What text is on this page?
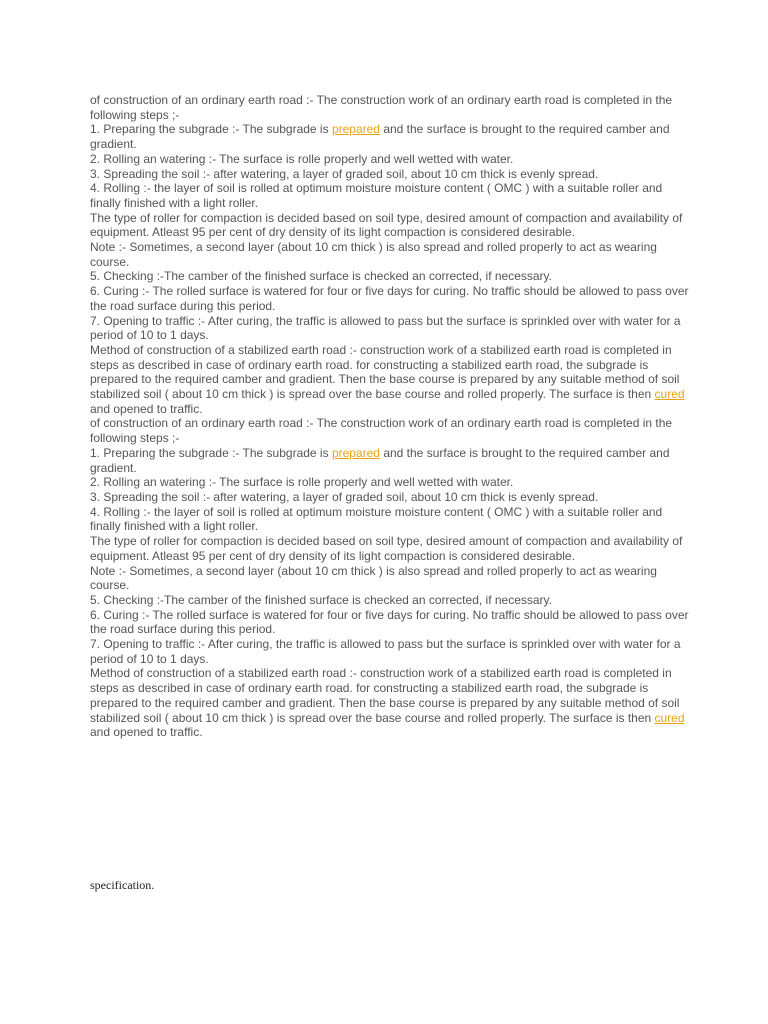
of construction of an ordinary earth road :- The construction work of an ordinary earth road is completed in the following steps ;-

1. Preparing the subgrade :- The subgrade is prepared and the surface is brought to the required camber and gradient.

2. Rolling an watering :- The surface is rolle properly and well wetted with water.

3. Spreading the soil :- after watering, a layer of graded soil, about 10 cm thick is evenly spread.

4. Rolling :- the layer of soil is rolled at optimum moisture moisture content ( OMC ) with a suitable roller and finally finished with a light roller.

The type of roller for compaction is decided based on soil type, desired amount of compaction and availability of equipment. Atleast 95 per cent of dry density of its light compaction is considered desirable.

Note :- Sometimes, a second layer (about 10 cm thick ) is also spread and rolled properly to act as wearing course.

5. Checking :-The camber of the finished surface is checked an corrected, if necessary.

6. Curing :- The rolled surface is watered for four or five days for curing. No traffic should be allowed to pass over the road surface during this period.

7. Opening to traffic :- After curing, the traffic is allowed to pass but the surface is sprinkled over with water for a period of 10 to 1 days.

Method of construction of a stabilized earth road :- construction work of a stabilized earth road is completed in steps as described in case of ordinary earth road. for constructing a stabilized earth road, the subgrade is prepared to the required camber and gradient. Then the base course is prepared by any suitable method of soil stabilized soil ( about 10 cm thick ) is spread over the base course and rolled properly. The surface is then cured and opened to traffic.

of construction of an ordinary earth road :- The construction work of an ordinary earth road is completed in the following steps ;-

1. Preparing the subgrade :- The subgrade is prepared and the surface is brought to the required camber and gradient.

2. Rolling an watering :- The surface is rolle properly and well wetted with water.

3. Spreading the soil :- after watering, a layer of graded soil, about 10 cm thick is evenly spread.

4. Rolling :- the layer of soil is rolled at optimum moisture moisture content ( OMC ) with a suitable roller and finally finished with a light roller.

The type of roller for compaction is decided based on soil type, desired amount of compaction and availability of equipment. Atleast 95 per cent of dry density of its light compaction is considered desirable.

Note :- Sometimes, a second layer (about 10 cm thick ) is also spread and rolled properly to act as wearing course.

5. Checking :-The camber of the finished surface is checked an corrected, if necessary.

6. Curing :- The rolled surface is watered for four or five days for curing. No traffic should be allowed to pass over the road surface during this period.

7. Opening to traffic :- After curing, the traffic is allowed to pass but the surface is sprinkled over with water for a period of 10 to 1 days.

Method of construction of a stabilized earth road :- construction work of a stabilized earth road is completed in steps as described in case of ordinary earth road. for constructing a stabilized earth road, the subgrade is prepared to the required camber and gradient. Then the base course is prepared by any suitable method of soil stabilized soil ( about 10 cm thick ) is spread over the base course and rolled properly. The surface is then cured and opened to traffic.

specification.
